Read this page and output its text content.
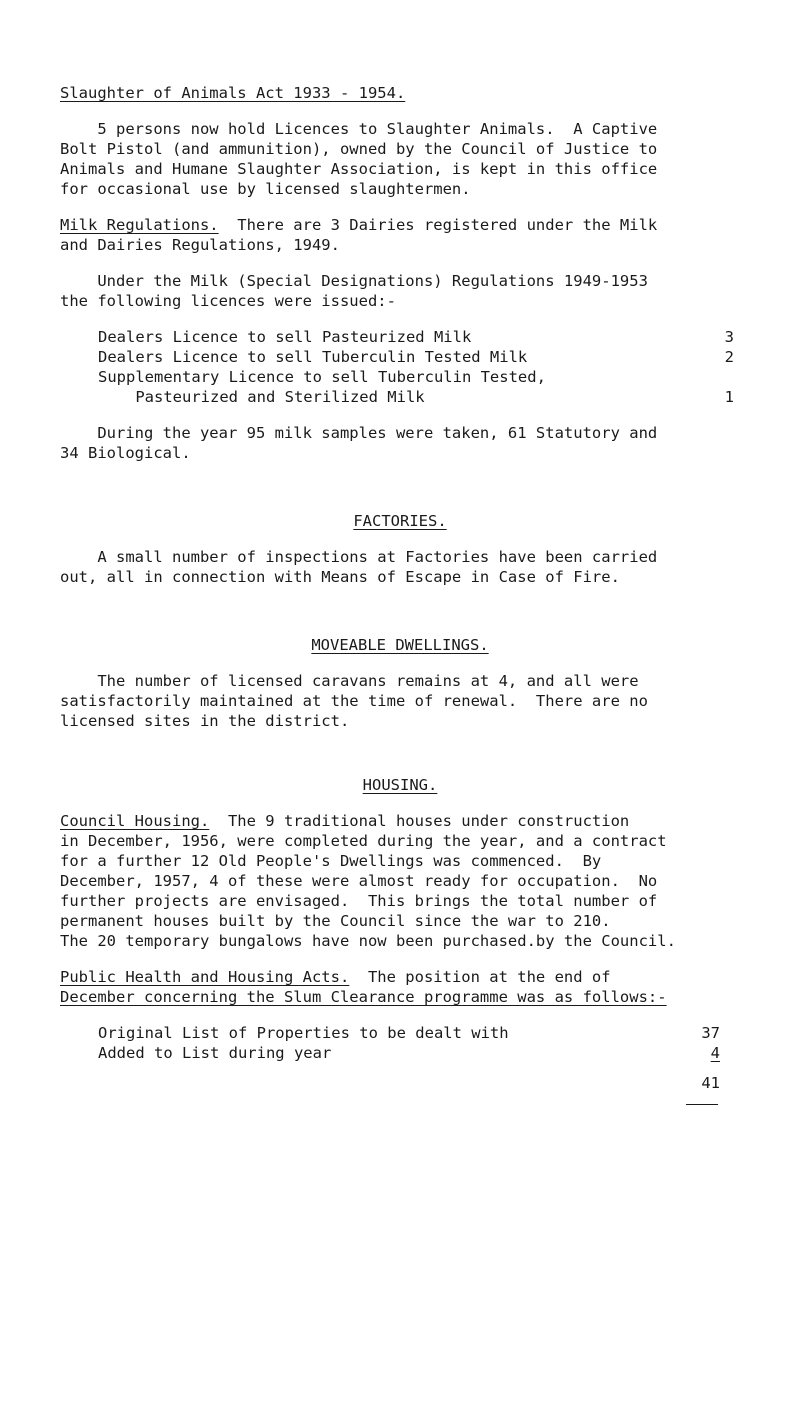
Slaughter of Animals Act 1933 - 1954.

5 persons now hold Licences to Slaughter Animals.  A Captive

Bolt Pistol (and ammunition), owned by the Council of Justice to

Animals and Humane Slaughter Association, is kept in this office

for occasional use by licensed slaughtermen.

Milk Regulations.  There are 3 Dairies registered under the Milk

and Dairies Regulations, 1949.

Under the Milk (Special Designations) Regulations 1949-1953

the following licences were issued:-

Dealers Licence to sell Pasteurized Milk	3

Dealers Licence to sell Tuberculin Tested Milk	2

Supplementary Licence to sell Tuberculin Tested,

Pasteurized and Sterilized Milk	1

During the year 95 milk samples were taken, 61 Statutory and

34 Biological.

FACTORIES.

A small number of inspections at Factories have been carried

out, all in connection with Means of Escape in Case of Fire.

MOVEABLE DWELLINGS.

The number of licensed caravans remains at 4, and all were

satisfactorily maintained at the time of renewal.  There are no

licensed sites in the district.

HOUSING.

Council Housing.  The 9 traditional houses under construction

in December, 1956, were completed during the year, and a contract

for a further 12 Old People's Dwellings was commenced.  By

December, 1957, 4 of these were almost ready for occupation.  No

further projects are envisaged.  This brings the total number of

permanent houses built by the Council since the war to 210.

The 20 temporary bungalows have now been purchased.by the Council.

Public Health and Housing Acts.  The position at the end of

December concerning the Slum Clearance programme was as follows:-

Original List of Properties to be dealt with	37

Added to List during year	4

41
